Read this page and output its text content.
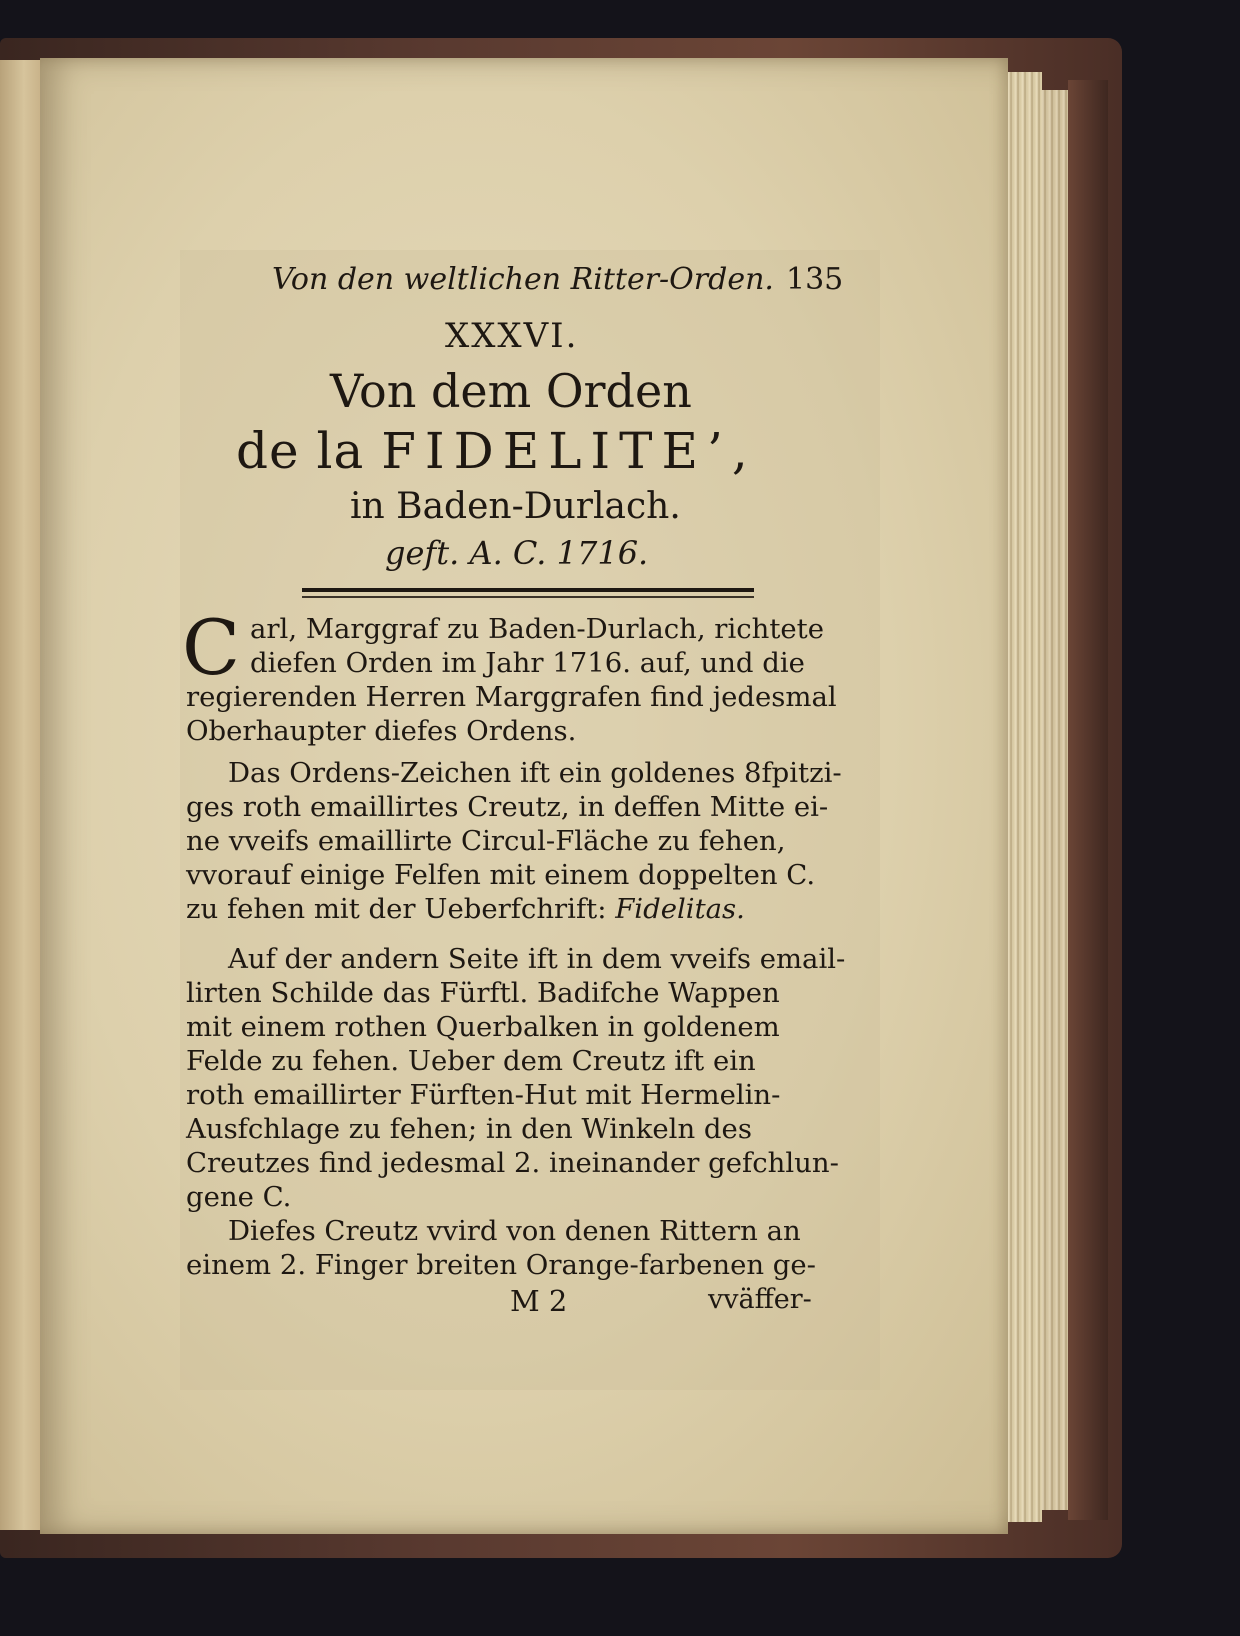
Von den weltlichen Ritter-Orden. 135
XXXVI.
Von dem Orden
de la FIDELITE’,
in Baden-Durlach.
geft. A. C. 1716.
C arl, Marggraf zu Baden-Durlach, richtete
diefen Orden im Jahr 1716. auf, und die
regierenden Herren Marggrafen find jedesmal
Oberhaupter diefes Ordens.
Das Ordens-Zeichen ift ein goldenes 8fpitzi-
ges roth emaillirtes Creutz, in deffen Mitte ei-
ne vveifs emaillirte Circul-Fläche zu fehen,
vvorauf einige Felfen mit einem doppelten C.
zu fehen mit der Ueberfchrift: Fidelitas.
Auf der andern Seite ift in dem vveifs email-
lirten Schilde das Fürftl. Badifche Wappen
mit einem rothen Querbalken in goldenem
Felde zu fehen. Ueber dem Creutz ift ein
roth emaillirter Fürften-Hut mit Hermelin-
Ausfchlage zu fehen; in den Winkeln des
Creutzes find jedesmal 2. ineinander gefchlun-
gene C.
Diefes Creutz vvird von denen Rittern an
einem 2. Finger breiten Orange-farbenen ge-
M 2	vväffer-
